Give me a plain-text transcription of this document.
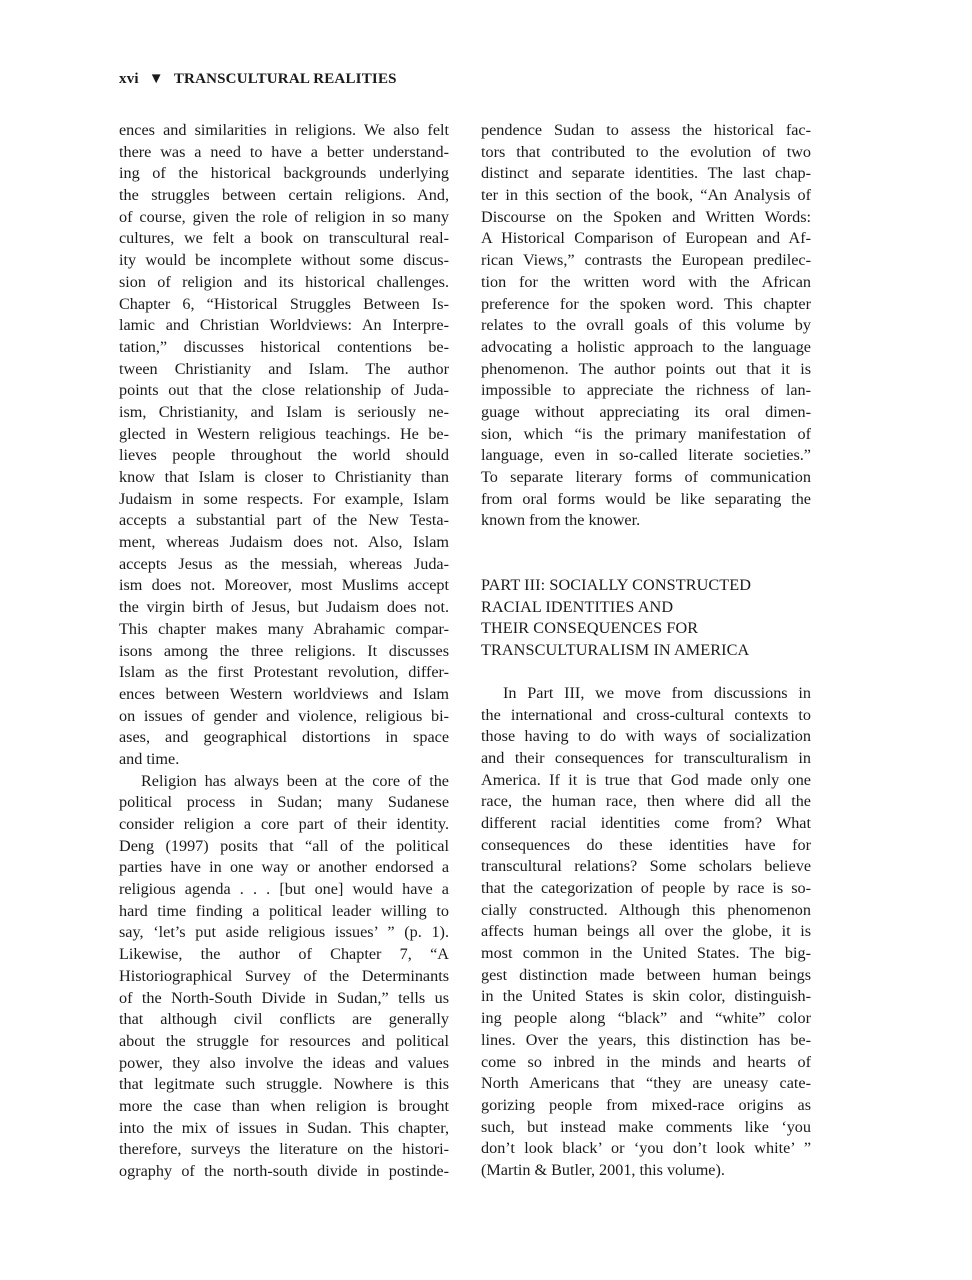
xvi ▼ TRANSCULTURAL REALITIES
ences and similarities in religions. We also felt
there was a need to have a better understand-
ing of the historical backgrounds underlying
the struggles between certain religions. And,
of course, given the role of religion in so many
cultures, we felt a book on transcultural real-
ity would be incomplete without some discus-
sion of religion and its historical challenges.
Chapter 6, “Historical Struggles Between Is-
lamic and Christian Worldviews: An Interpre-
tation,” discusses historical contentions be-
tween Christianity and Islam. The author
points out that the close relationship of Juda-
ism, Christianity, and Islam is seriously ne-
glected in Western religious teachings. He be-
lieves people throughout the world should
know that Islam is closer to Christianity than
Judaism in some respects. For example, Islam
accepts a substantial part of the New Testa-
ment, whereas Judaism does not. Also, Islam
accepts Jesus as the messiah, whereas Juda-
ism does not. Moreover, most Muslims accept
the virgin birth of Jesus, but Judaism does not.
This chapter makes many Abrahamic compar-
isons among the three religions. It discusses
Islam as the first Protestant revolution, differ-
ences between Western worldviews and Islam
on issues of gender and violence, religious bi-
ases, and geographical distortions in space
and time.
Religion has always been at the core of the
political process in Sudan; many Sudanese
consider religion a core part of their identity.
Deng (1997) posits that “all of the political
parties have in one way or another endorsed a
religious agenda . . . [but one] would have a
hard time finding a political leader willing to
say, ‘let’s put aside religious issues’ ” (p. 1).
Likewise, the author of Chapter 7, “A
Historiographical Survey of the Determinants
of the North-South Divide in Sudan,” tells us
that although civil conflicts are generally
about the struggle for resources and political
power, they also involve the ideas and values
that legitmate such struggle. Nowhere is this
more the case than when religion is brought
into the mix of issues in Sudan. This chapter,
therefore, surveys the literature on the histori-
ography of the north-south divide in postinde-
pendence Sudan to assess the historical fac-
tors that contributed to the evolution of two
distinct and separate identities. The last chap-
ter in this section of the book, “An Analysis of
Discourse on the Spoken and Written Words:
A Historical Comparison of European and Af-
rican Views,” contrasts the European predilec-
tion for the written word with the African
preference for the spoken word. This chapter
relates to the ovrall goals of this volume by
advocating a holistic approach to the language
phenomenon. The author points out that it is
impossible to appreciate the richness of lan-
guage without appreciating its oral dimen-
sion, which “is the primary manifestation of
language, even in so-called literate societies.”
To separate literary forms of communication
from oral forms would be like separating the
known from the knower.
PART III: SOCIALLY CONSTRUCTED
RACIAL IDENTITIES AND
THEIR CONSEQUENCES FOR
TRANSCULTURALISM IN AMERICA
In Part III, we move from discussions in
the international and cross-cultural contexts to
those having to do with ways of socialization
and their consequences for transculturalism in
America. If it is true that God made only one
race, the human race, then where did all the
different racial identities come from? What
consequences do these identities have for
transcultural relations? Some scholars believe
that the categorization of people by race is so-
cially constructed. Although this phenomenon
affects human beings all over the globe, it is
most common in the United States. The big-
gest distinction made between human beings
in the United States is skin color, distinguish-
ing people along “black” and “white” color
lines. Over the years, this distinction has be-
come so inbred in the minds and hearts of
North Americans that “they are uneasy cate-
gorizing people from mixed-race origins as
such, but instead make comments like ‘you
don’t look black’ or ‘you don’t look white’ ”
(Martin & Butler, 2001, this volume).
